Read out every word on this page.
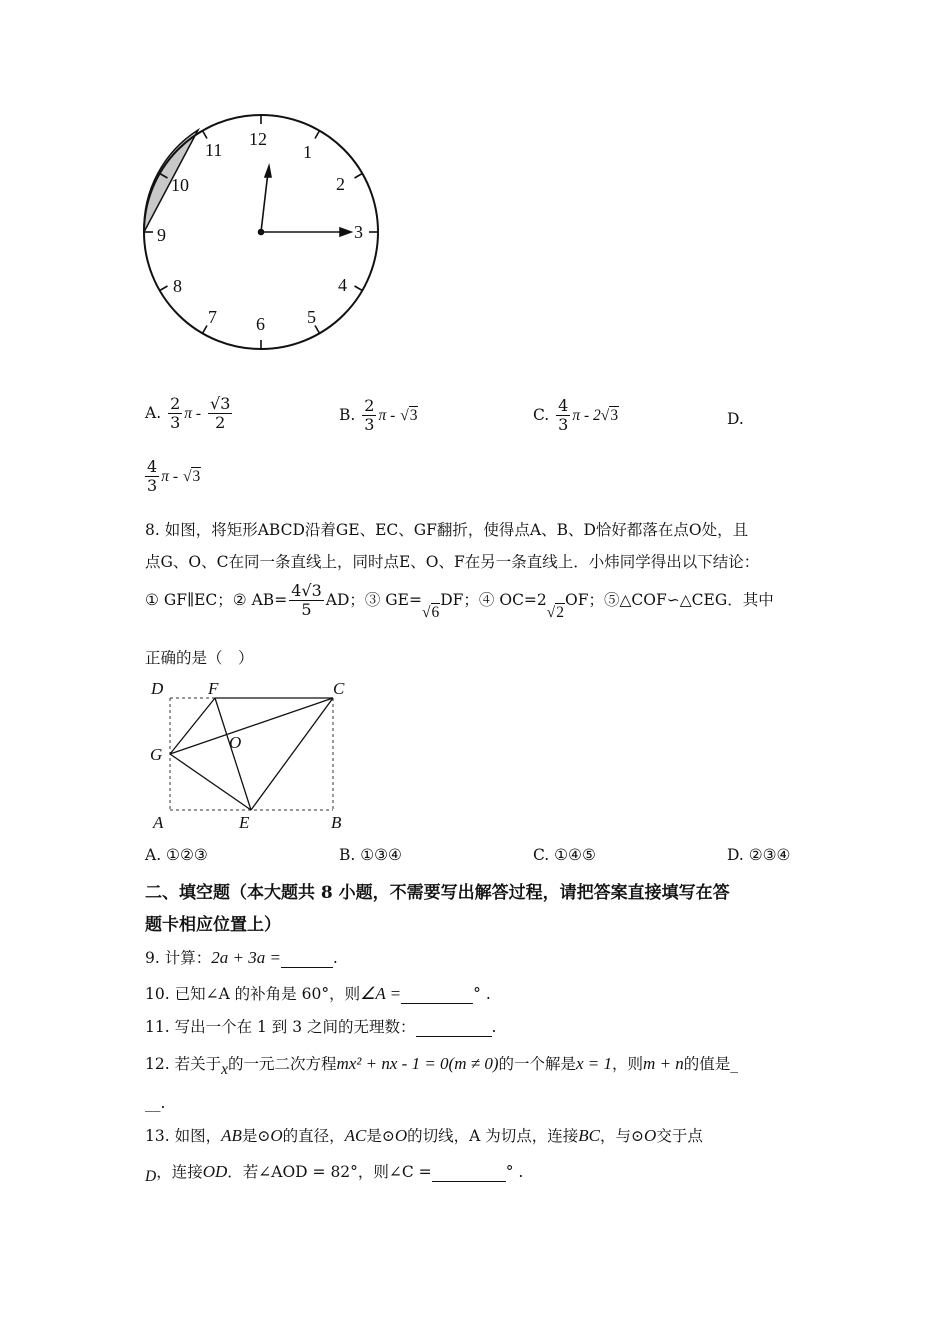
12
1
2
3
4
5
6
7
8
9
10
11
A. $\frac{2}{3}$ π - $\frac{√3}{2}$	B. $\frac{2}{3}$ π - √3	C. $\frac{4}{3}$ π - 2√3	D.
$\frac{4}{3}$ π - √3
8. 如图，将矩形ABCD沿着GE、EC、GF翻折，使得点A、B、D恰好都落在点O处，且
点G、O、C在同一条直线上，同时点E、O、F在另一条直线上．小炜同学得出以下结论：
① GF∥EC；② $AB= \frac{4√3}{5}$ AD；③ GE=√6DF；④ OC=2√2OF；⑤△COF∽△CEG．其中
正确的是（　）
D	F	C
G
O
A	E	B
A. ①②③	B. ①③④	C. ①④⑤	D. ②③④
二、填空题（本大题共 8 小题，不需要写出解答过程，请把答案直接填写在答
题卡相应位置上）
9. 计算：2a + 3a =	.
10. 已知∠A 的补角是 60°，则∠A =	° .
11. 写出一个在 1 到 3 之间的无理数：	.
12. 若关于x的一元二次方程mx² + nx - 1 = 0(m ≠ 0)的一个解是x = 1，则m + n的值是_
__.
13. 如图，AB是⊙O的直径，AC是⊙O的切线，A 为切点，连接BC，与⊙O交于点
D，连接OD．若∠AOD = 82°，则∠C =	° .
